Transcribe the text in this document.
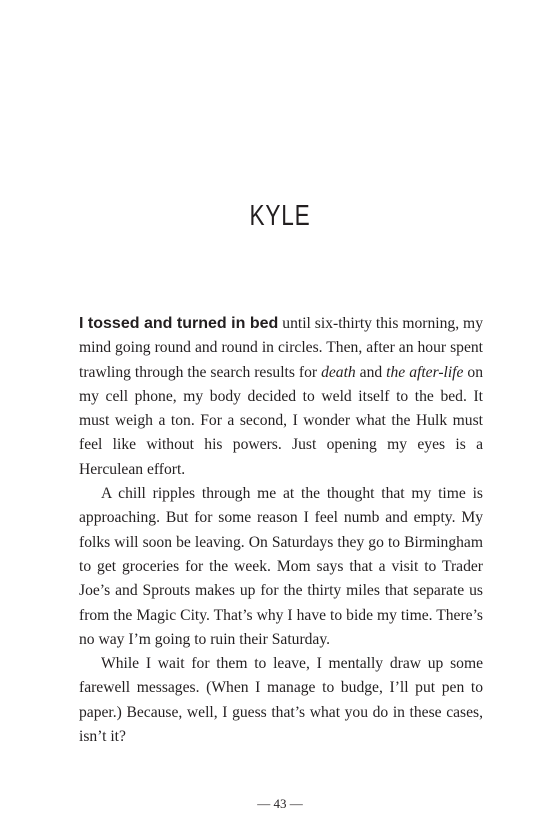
KYLE

I tossed and turned in bed until six-thirty this morning, my mind going round and round in circles. Then, after an hour spent trawling through the search results for death and the after-life on my cell phone, my body decided to weld itself to the bed. It must weigh a ton. For a second, I wonder what the Hulk must feel like without his powers. Just opening my eyes is a Herculean effort.

A chill ripples through me at the thought that my time is approaching. But for some reason I feel numb and empty. My folks will soon be leaving. On Saturdays they go to Birmingham to get groceries for the week. Mom says that a visit to Trader Joe’s and Sprouts makes up for the thirty miles that separate us from the Magic City. That’s why I have to bide my time. There’s no way I’m going to ruin their Saturday.

While I wait for them to leave, I mentally draw up some farewell messages. (When I manage to budge, I’ll put pen to paper.) Because, well, I guess that’s what you do in these cases, isn’t it?

— 43 —
